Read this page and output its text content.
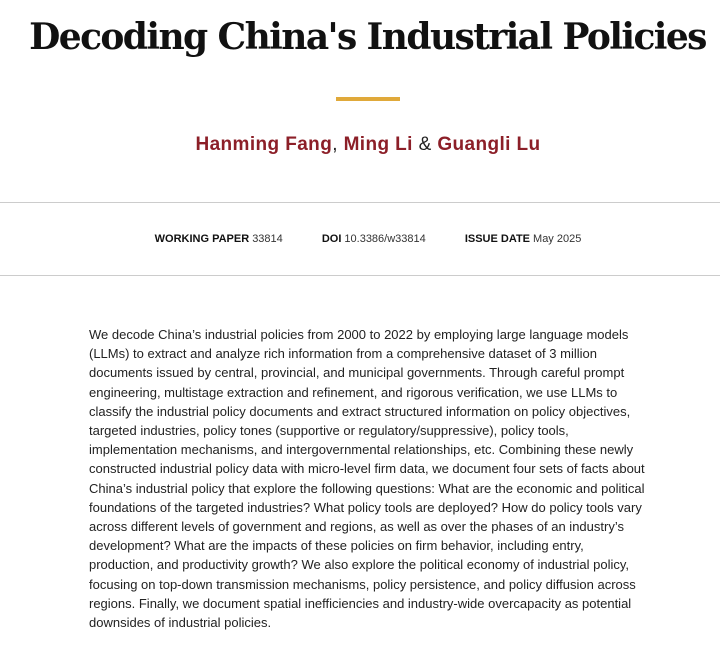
Decoding China's Industrial Policies
Hanming Fang, Ming Li & Guangli Lu
WORKING PAPER 33814	DOI 10.3386/w33814	ISSUE DATE May 2025

We decode China’s industrial policies from 2000 to 2022 by employing large language models (LLMs) to extract and analyze rich information from a comprehensive dataset of 3 million documents issued by central, provincial, and municipal governments. Through careful prompt engineering, multistage extraction and refinement, and rigorous verification, we use LLMs to classify the industrial policy documents and extract structured information on policy objectives, targeted industries, policy tones (supportive or regulatory/suppressive), policy tools, implementation mechanisms, and intergovernmental relationships, etc. Combining these newly constructed industrial policy data with micro-level firm data, we document four sets of facts about China’s industrial policy that explore the following questions: What are the economic and political foundations of the targeted industries? What policy tools are deployed? How do policy tools vary across different levels of government and regions, as well as over the phases of an industry’s development? What are the impacts of these policies on firm behavior, including entry, production, and productivity growth? We also explore the political economy of industrial policy, focusing on top-down transmission mechanisms, policy persistence, and policy diffusion across regions. Finally, we document spatial inefficiencies and industry-wide overcapacity as potential downsides of industrial policies.
